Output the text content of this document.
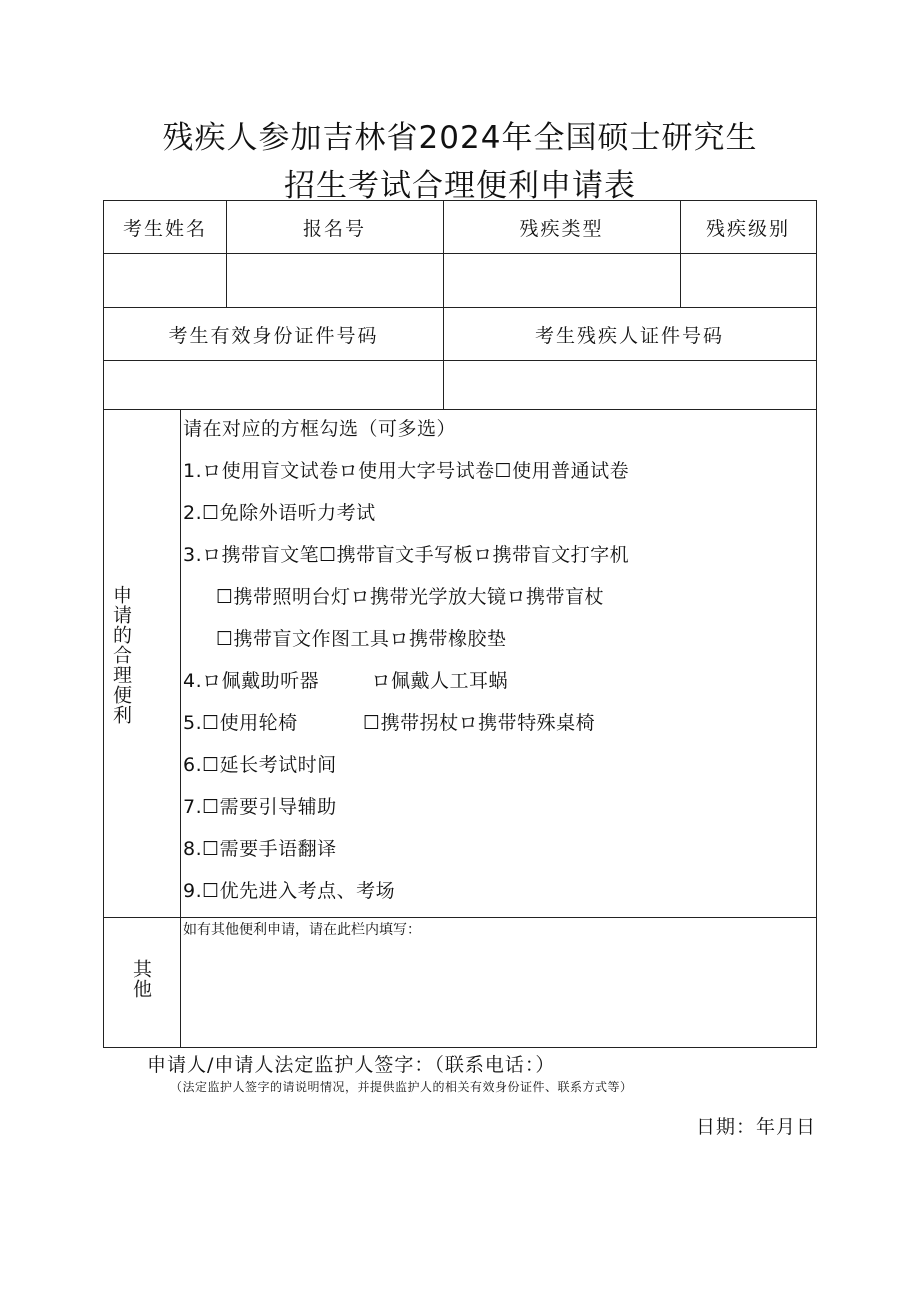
残疾人参加吉林省2024年全国硕士研究生
招生考试合理便利申请表
考生姓名	报名号	残疾类型	残疾级别
考生有效身份证件号码	考生残疾人证件号码
申请的合理便利
请在对应的方框勾选（可多选）
1.ロ使用盲文试卷ロ使用大字号试卷☐使用普通试卷
2.☐免除外语听力考试
3.ロ携带盲文笔☐携带盲文手写板ロ携带盲文打字机
☐携带照明台灯ロ携带光学放大镜ロ携带盲杖
☐携带盲文作图工具ロ携带橡胶垫
4.ロ佩戴助听器        ロ佩戴人工耳蜗
5.☐使用轮椅          ☐携带拐杖ロ携带特殊桌椅
6.☐延长考试时间
7.☐需要引导辅助
8.☐需要手语翻译
9.☐优先进入考点、考场
其他
如有其他便利申请，请在此栏内填写：
申请人/申请人法定监护人签字：（联系电话：）
（法定监护人签字的请说明情况，并提供监护人的相关有效身份证件、联系方式等）
日期：年月日
